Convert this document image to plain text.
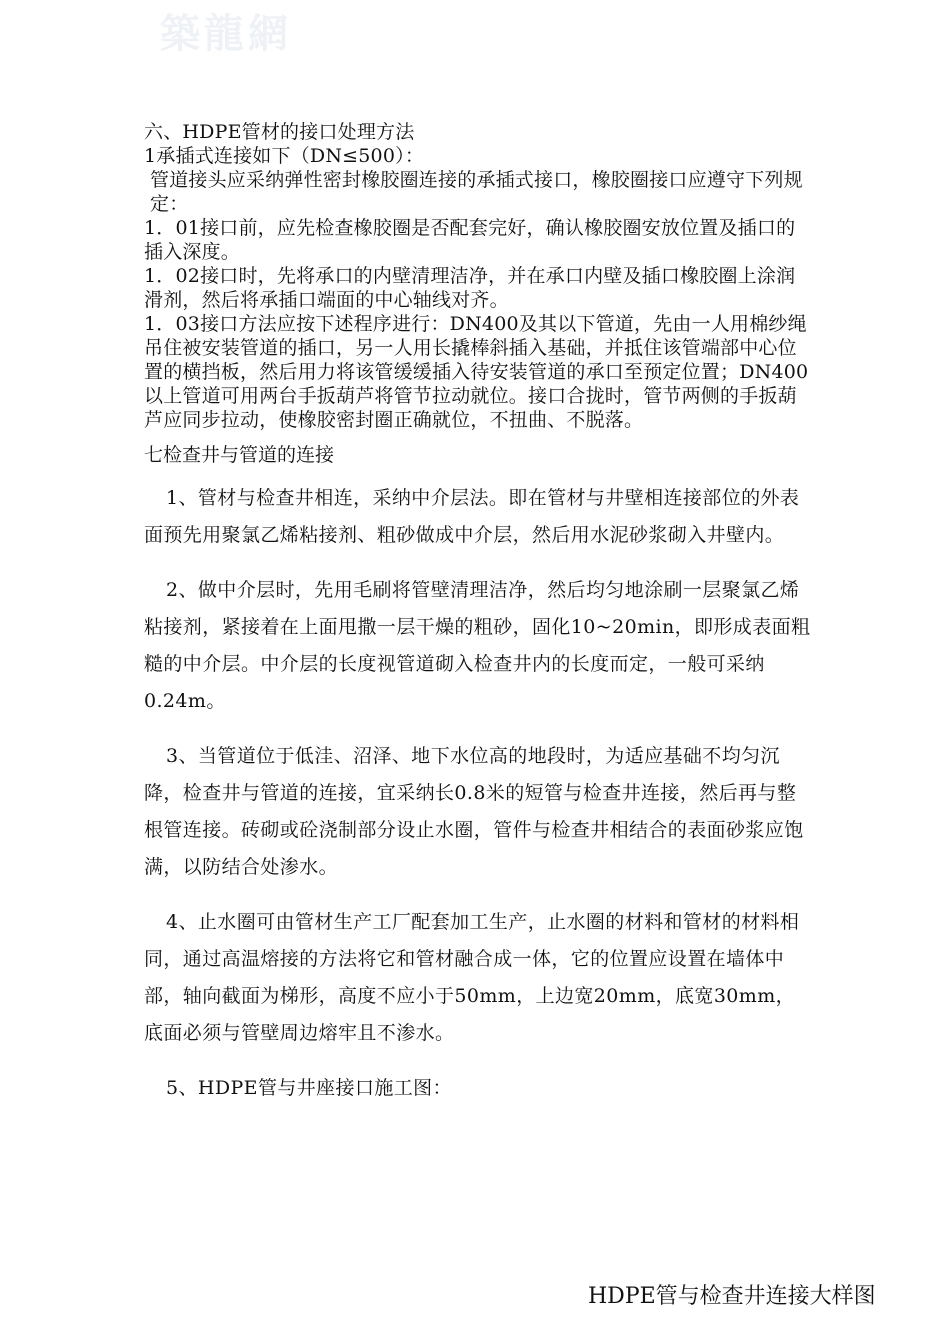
築龍網

六、HDPE管材的接口处理方法

1承插式连接如下（DN≤500）：

管道接头应采纳弹性密封橡胶圈连接的承插式接口，橡胶圈接口应遵守下列规定：

1．01接口前，应先检查橡胶圈是否配套完好，确认橡胶圈安放位置及插口的插入深度。

1．02接口时，先将承口的内壁清理洁净，并在承口内壁及插口橡胶圈上涂润滑剂，然后将承插口端面的中心轴线对齐。

1．03接口方法应按下述程序进行：DN400及其以下管道，先由一人用棉纱绳吊住被安装管道的插口，另一人用长撬棒斜插入基础，并抵住该管端部中心位置的横挡板，然后用力将该管缓缓插入待安装管道的承口至预定位置；DN400以上管道可用两台手扳葫芦将管节拉动就位。接口合拢时，管节两侧的手扳葫芦应同步拉动，使橡胶密封圈正确就位，不扭曲、不脱落。

七检查井与管道的连接

1、管材与检查井相连，采纳中介层法。即在管材与井壁相连接部位的外表面预先用聚氯乙烯粘接剂、粗砂做成中介层，然后用水泥砂浆砌入井壁内。

2、做中介层时，先用毛刷将管壁清理洁净，然后均匀地涂刷一层聚氯乙烯粘接剂，紧接着在上面甩撒一层干燥的粗砂，固化10~20min，即形成表面粗糙的中介层。中介层的长度视管道砌入检查井内的长度而定，一般可采纳0.24m。

3、当管道位于低洼、沼泽、地下水位高的地段时，为适应基础不均匀沉降，检查井与管道的连接，宜采纳长0.8米的短管与检查井连接，然后再与整根管连接。砖砌或砼浇制部分设止水圈，管件与检查井相结合的表面砂浆应饱满，以防结合处渗水。

4、止水圈可由管材生产工厂配套加工生产，止水圈的材料和管材的材料相同，通过高温熔接的方法将它和管材融合成一体，它的位置应设置在墙体中部，轴向截面为梯形，高度不应小于50mm，上边宽20mm，底宽30mm，底面必须与管壁周边熔牢且不渗水。

5、HDPE管与井座接口施工图：

HDPE管与检查井连接大样图
